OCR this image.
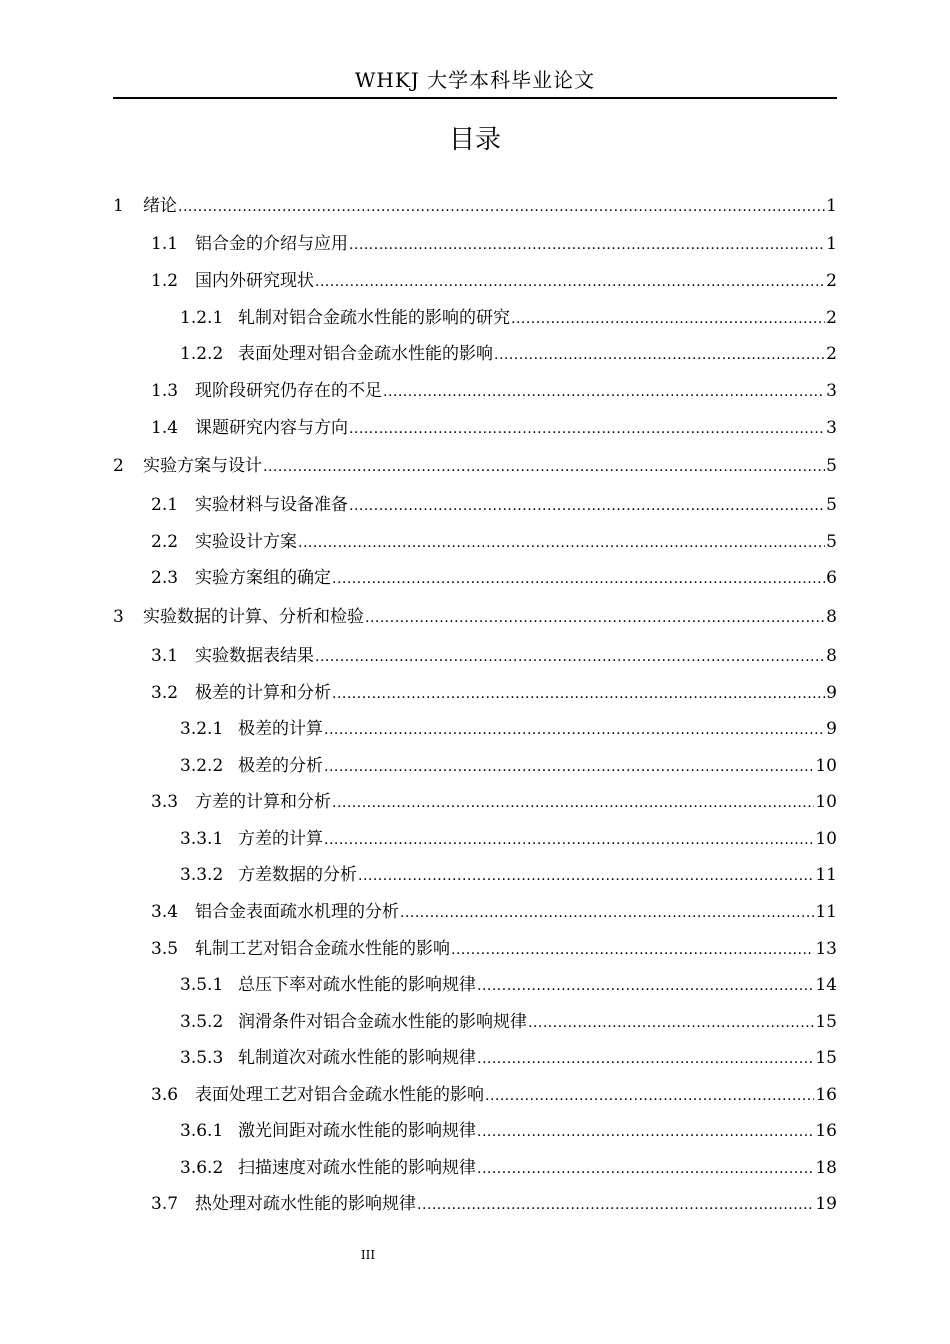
WHKJ 大学本科毕业论文
目录
1	绪论 .....	1
1.1 铝合金的介绍与应用 .....	1
1.2 国内外研究现状 .....	2
1.2.1 轧制对铝合金疏水性能的影响的研究 .....	2
1.2.2 表面处理对铝合金疏水性能的影响 .....	2
1.3 现阶段研究仍存在的不足 .....	3
1.4 课题研究内容与方向 .....	3
2	实验方案与设计 .....	5
2.1 实验材料与设备准备 .....	5
2.2 实验设计方案 .....	5
2.3 实验方案组的确定 .....	6
3	实验数据的计算、分析和检验 .....	8
3.1 实验数据表结果 .....	8
3.2 极差的计算和分析 .....	9
3.2.1 极差的计算 .....	9
3.2.2 极差的分析 .....	10
3.3 方差的计算和分析 .....	10
3.3.1 方差的计算 .....	10
3.3.2 方差数据的分析 .....	11
3.4 铝合金表面疏水机理的分析 .....	11
3.5 轧制工艺对铝合金疏水性能的影响 .....	13
3.5.1 总压下率对疏水性能的影响规律 .....	14
3.5.2 润滑条件对铝合金疏水性能的影响规律 .....	15
3.5.3 轧制道次对疏水性能的影响规律 .....	15
3.6 表面处理工艺对铝合金疏水性能的影响 .....	16
3.6.1 激光间距对疏水性能的影响规律 .....	16
3.6.2 扫描速度对疏水性能的影响规律 .....	18
3.7 热处理对疏水性能的影响规律 .....	19
III
